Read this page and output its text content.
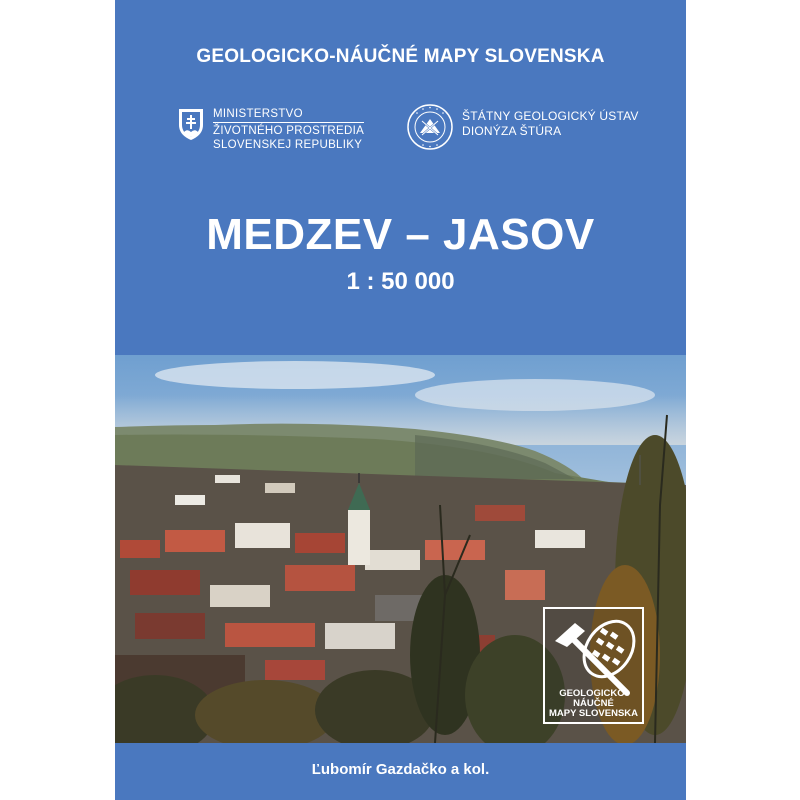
GEOLOGICKO-NÁUČNÉ MAPY SLOVENSKA
MINISTERSTVO
ŽIVOTNÉHO PROSTREDIA
SLOVENSKEJ REPUBLIKY
ŠTÁTNY GEOLOGICKÝ ÚSTAV
DIONÝZA ŠTÚRA
MEDZEV – JASOV
1 : 50 000
GEOLOGICKO-NÁUČNÉ
MAPY SLOVENSKA
Ľubomír Gazdačko a kol.
